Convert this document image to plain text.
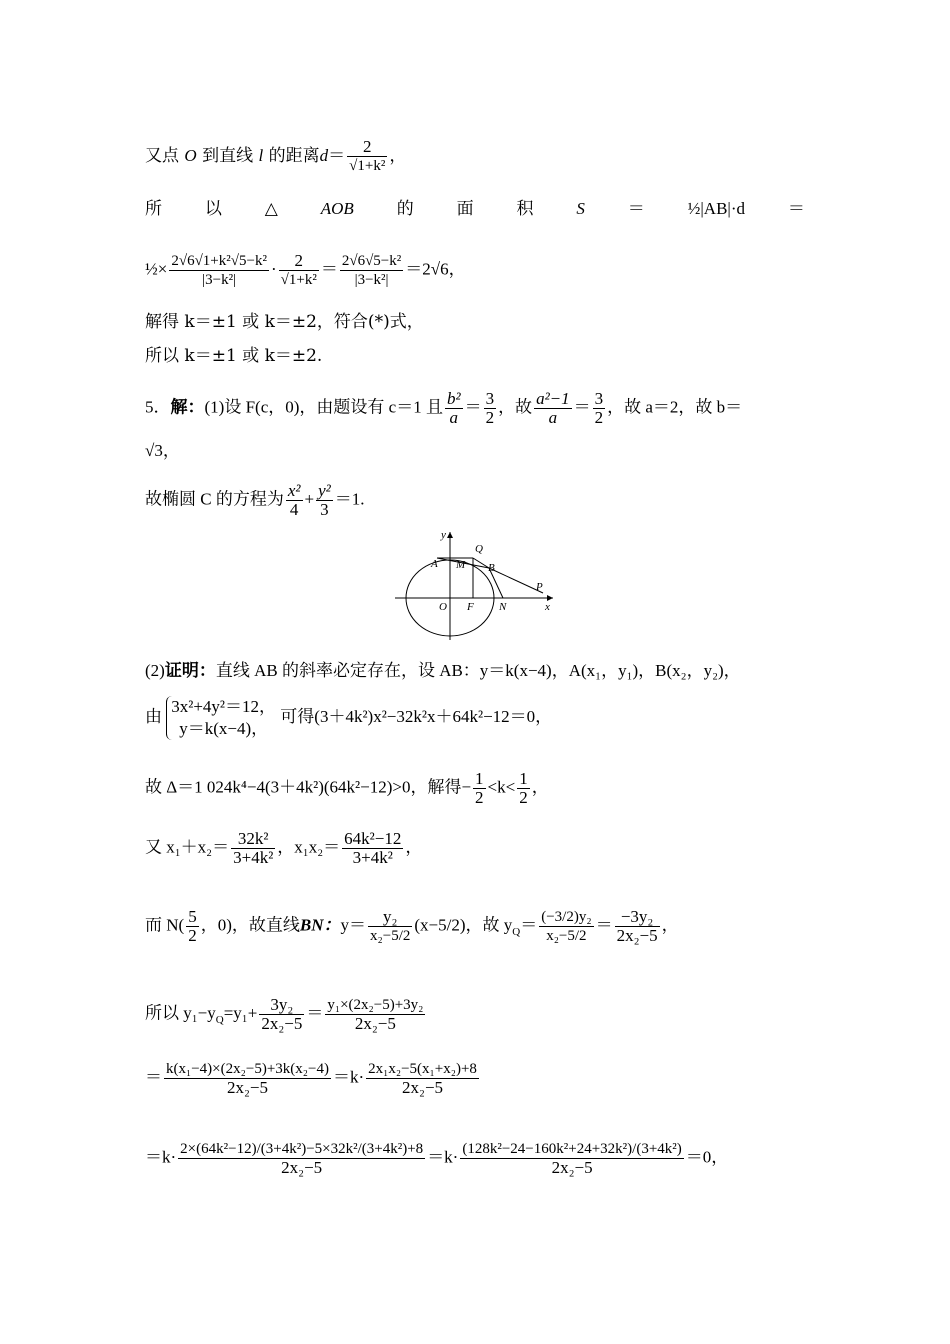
又点 O 到直线 l 的距离$d= \frac{2}{\text{√1+k²}}$ ，
所	以	△	AOB	的	面	积	S	＝	½|AB|·d	＝
½× $\frac{\text{2√6√1+k²√5−k²}}{\text{|3−k²|}} \cdot \frac{2}{\text{√1+k²}} = \frac{\text{2√6√5−k²}}{\text{|3−k²|}} =2√6$，
解得 k＝±1 或 k＝±2，符合(*)式，
所以 k＝±1 或 k＝±2.
5．解：(1)设 F(c，0)，由题设有 c＝1 且 $\frac{\text{b²}}{a} = \frac{3}{2}$ ，故 $\frac{\text{a²−1}}{a} = \frac{3}{2}$ ，故 a＝2，故 b＝
√3，
故椭圆 C 的方程为 $\frac{\text{x²}}{4} + \frac{\text{y²}}{3} =1$.
y
A M
Q
B
P
O F N	x
(2)证明：直线 AB 的斜率必定存在，设 AB：y＝k(x−4)，A(x₁，y₁)，B(x₂，y₂)，
由
3x²+4y²＝12，
y＝k(x−4)，
可得(3＋4k²)x²−32k²x＋64k²−12＝0，
故 Δ＝1 024k⁴−4(3＋4k²)(64k²−12)>0，解得− $\frac{1}{2} <k< \frac{1}{2}$ ，
又 $x_1+x_2= \frac{\text{32k²}}{\text{3+4k²}}$ ，$x_1x_2= \frac{\text{64k²−12}}{\text{3+4k²}}$ ，
而 $N( \frac{5}{2}$ ，0)，故直线BN：$y= \frac{\text{y₂}}{\text{x₂−5/2}} (x-5/2)$，故 $y_Q= \frac{\text{(−3/2)y₂}}{\text{x₂−5/2}} = \frac{\text{−3y₂}}{\text{2x₂−5}}$ ，
所以 $y_1-y_Q=y_1+ \frac{\text{3y₂}}{\text{2x₂−5}} = \frac{\text{y₁×(2x₂−5)+3y₂}}{\text{2x₂−5}}$
＝ $\frac{\text{k(x₁−4)×(2x₂−5)+3k(x₂−4)}}{\text{2x₂−5}} =k\cdot \frac{\text{2x₁x₂−5(x₁+x₂)+8}}{\text{2x₂−5}}$
$=k\cdot \frac{\text{2×(64k²−12)/(3+4k²)−5×32k²/(3+4k²)+8}}{\text{2x₂−5}} =k\cdot \frac{\text{(128k²−24−160k²+24+32k²)/(3+4k²)}}{\text{2x₂−5}} =0$，
